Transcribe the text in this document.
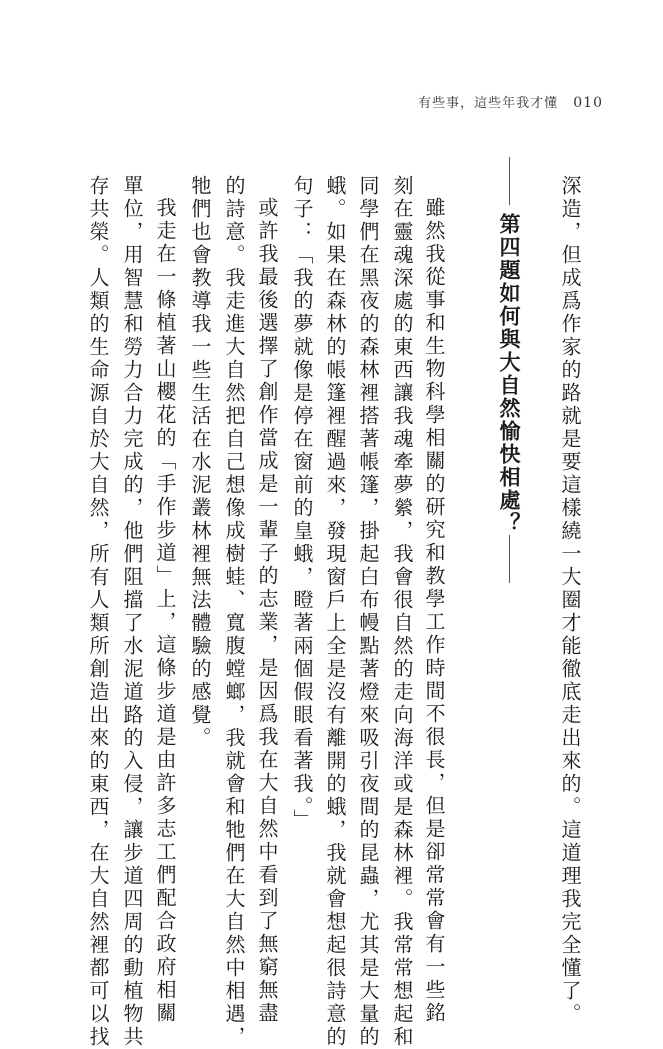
有些事，這些年我才懂 010
深造，但成爲作家的路就是要這樣繞一大圈才能徹底走出來的。這道理我完全懂了。
第四題
如何與大自然愉快相處？
雖然我從事和生物科學相關的研究和教學工作時間不很長，但是卻常常會有一些銘
刻在靈魂深處的東西讓我魂牽夢縈，我會很自然的走向海洋或是森林裡。我常常想起和
同學們在黑夜的森林裡搭著帳篷，掛起白布幔點著燈來吸引夜間的昆蟲，尤其是大量的
蛾。如果在森林的帳篷裡醒過來，發現窗戶上全是沒有離開的蛾，我就會想起很詩意的
句子：「我的夢就像是停在窗前的皇蛾，瞪著兩個假眼看著我。」
或許我最後選擇了創作當成是一輩子的志業，是因爲我在大自然中看到了無窮無盡
的詩意。我走進大自然把自己想像成樹蛙、寬腹螳螂，我就會和牠們在大自然中相遇，
牠們也會教導我一些生活在水泥叢林裡無法體驗的感覺。
我走在一條植著山櫻花的「手作步道」上，這條步道是由許多志工們配合政府相關
單位，用智慧和勞力合力完成的，他們阻擋了水泥道路的入侵，讓步道四周的動植物共
存共榮。人類的生命源自於大自然，所有人類所創造出來的東西，在大自然裡都可以找
